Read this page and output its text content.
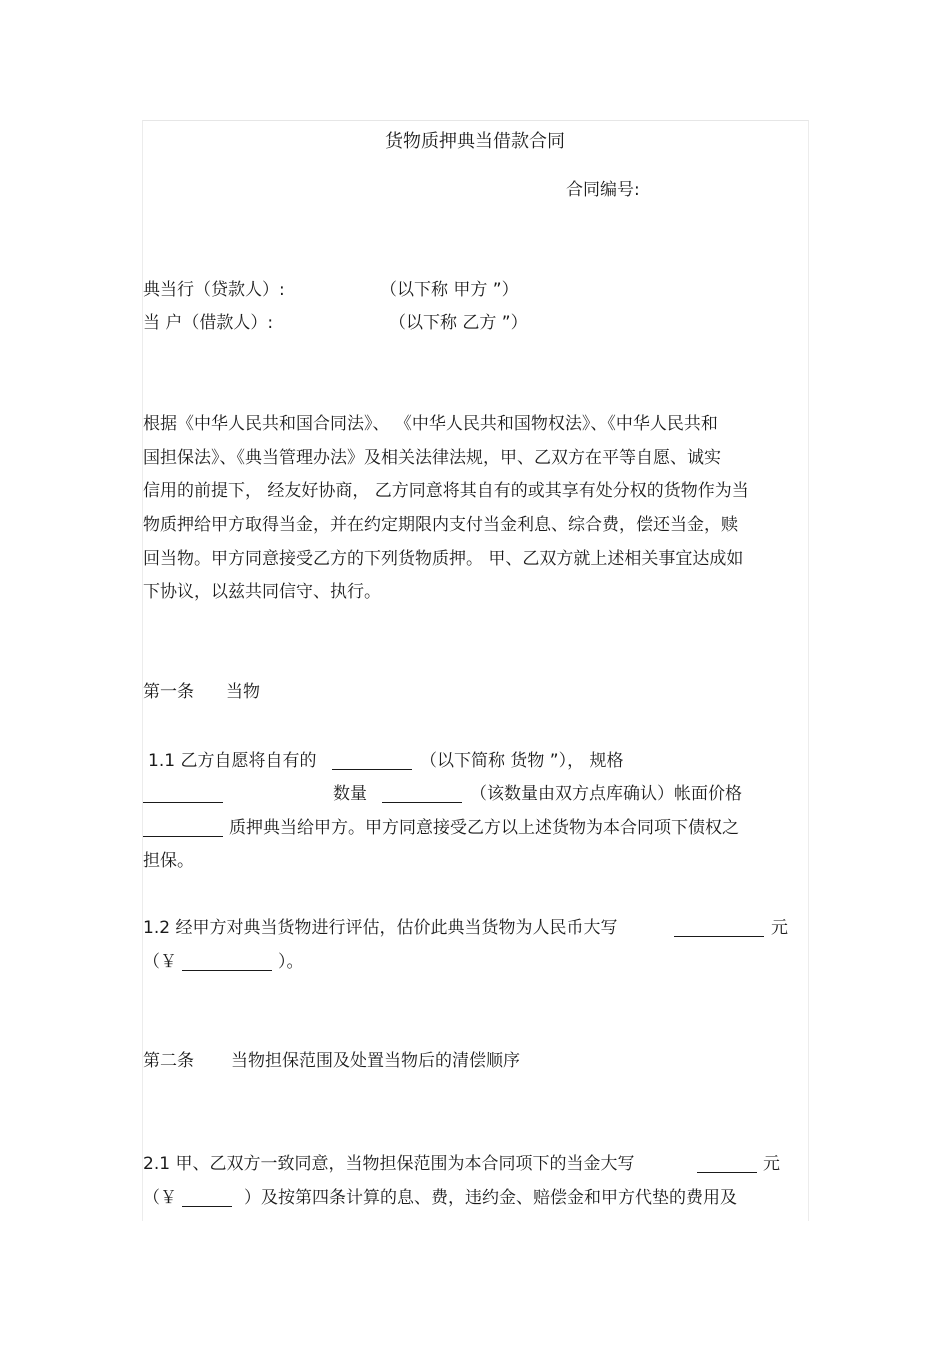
货物质押典当借款合同
合同编号:
典当行（贷款人）:	（以下称 甲方 ”）
当 户（借款人）:	（以下称 乙方 ”）
根据《中华人民共和国合同法》、 《中华人民共和国物权法》、《中华人民共和
国担保法》、《典当管理办法》及相关法律法规，甲、乙双方在平等自愿、诚实
信用的前提下， 经友好协商， 乙方同意将其自有的或其享有处分权的货物作为当
物质押给甲方取得当金，并在约定期限内支付当金利息、综合费，偿还当金，赎
回当物。甲方同意接受乙方的下列货物质押。 甲、乙双方就上述相关事宜达成如
下协议，以兹共同信守、执行。
第一条 当物
1.1 乙方自愿将自有的	（以下简称 货物 ”）， 规格
数量	（该数量由双方点库确认）帐面价格
质押典当给甲方。甲方同意接受乙方以上述货物为本合同项下债权之
担保。
1.2 经甲方对典当货物进行评估，估价此典当货物为人民币大写	元
（￥	）。
第二条 当物担保范围及处置当物后的清偿顺序
2.1 甲、乙双方一致同意，当物担保范围为本合同项下的当金大写	元
（￥	）及按第四条计算的息、费，违约金、赔偿金和甲方代垫的费用及
